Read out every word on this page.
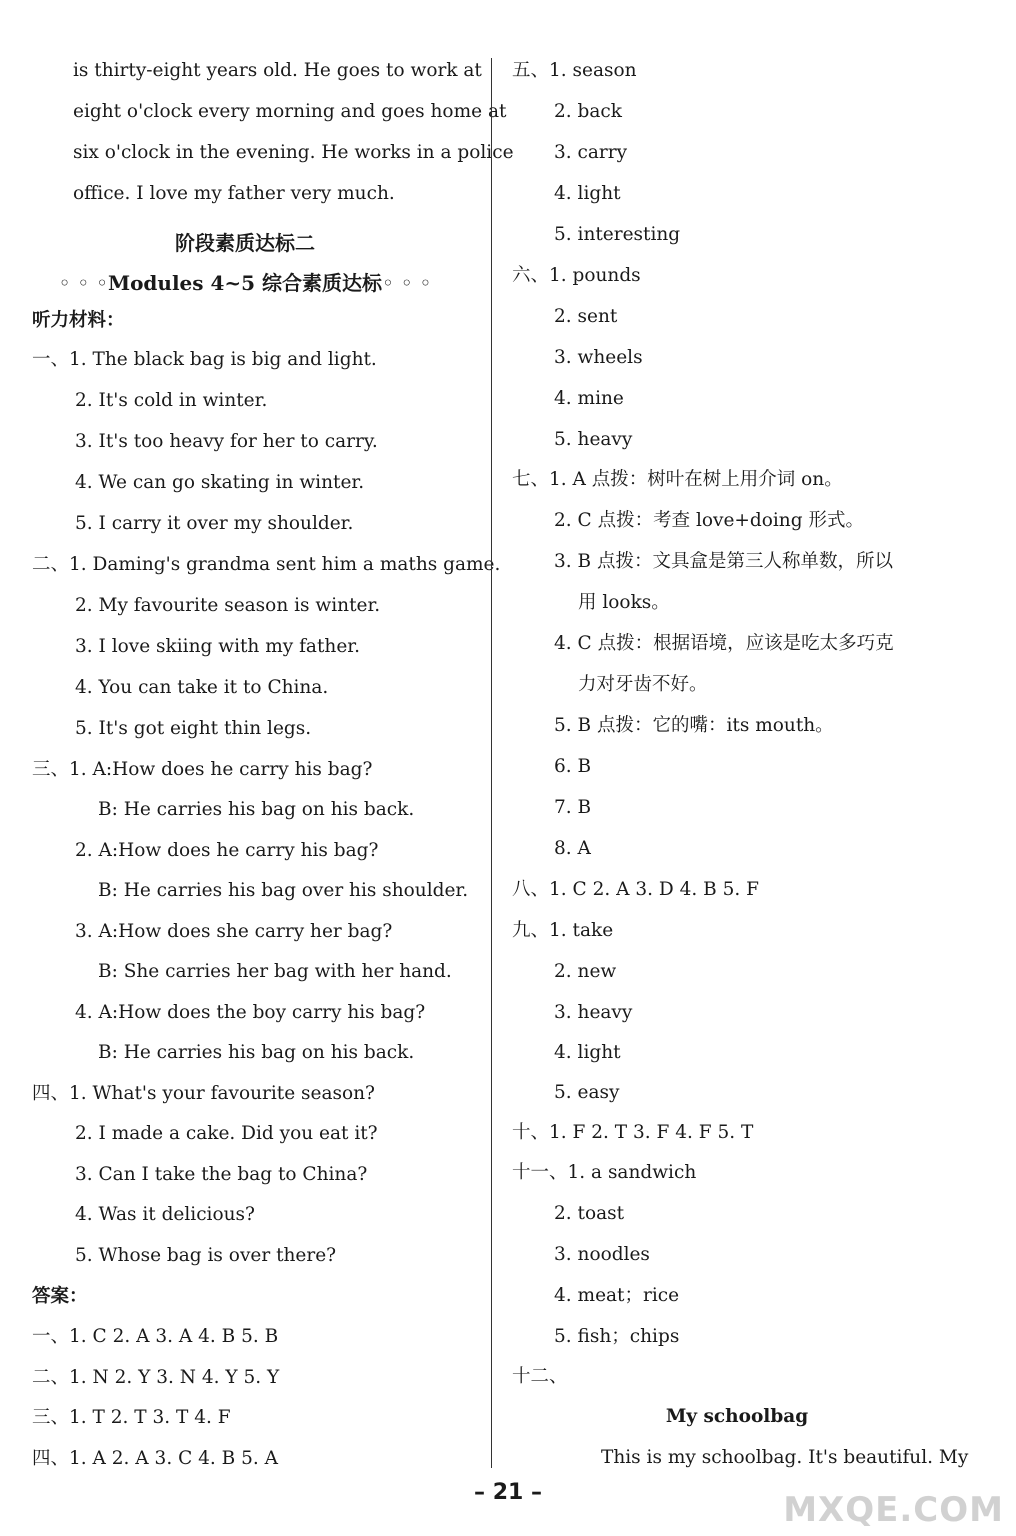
is thirty-eight years old. He goes to work at
eight o'clock every morning and goes home at
six o'clock in the evening. He works in a police
office. I love my father very much.
阶段素质达标二
◦ ◦ ◦Modules 4~5 综合素质达标◦ ◦ ◦
听力材料：
一、1. The black bag is big and light.
2. It's cold in winter.
3. It's too heavy for her to carry.
4. We can go skating in winter.
5. I carry it over my shoulder.
二、1. Daming's grandma sent him a maths game.
2. My favourite season is winter.
3. I love skiing with my father.
4. You can take it to China.
5. It's got eight thin legs.
三、1. A:How does he carry his bag?
B: He carries his bag on his back.
2. A:How does he carry his bag?
B: He carries his bag over his shoulder.
3. A:How does she carry her bag?
B: She carries her bag with her hand.
4. A:How does the boy carry his bag?
B: He carries his bag on his back.
四、1. What's your favourite season?
2. I made a cake. Did you eat it?
3. Can I take the bag to China?
4. Was it delicious?
5. Whose bag is over there?
答案：
一、1. C 2. A 3. A 4. B 5. B
二、1. N 2. Y 3. N 4. Y 5. Y
三、1. T 2. T 3. T 4. F
四、1. A 2. A 3. C 4. B 5. A
五、1. season
2. back
3. carry
4. light
5. interesting
六、1. pounds
2. sent
3. wheels
4. mine
5. heavy
七、1. A 点拨：树叶在树上用介词 on。
2. C 点拨：考查 love+doing 形式。
3. B 点拨：文具盒是第三人称单数，所以
用 looks。
4. C 点拨：根据语境，应该是吃太多巧克
力对牙齿不好。
5. B 点拨：它的嘴：its mouth。
6. B
7. B
8. A
八、1. C 2. A 3. D 4. B 5. F
九、1. take
2. new
3. heavy
4. light
5. easy
十、1. F 2. T 3. F 4. F 5. T
十一、1. a sandwich
2. toast
3. noodles
4. meat；rice
5. fish；chips
十二、
My schoolbag
This is my schoolbag. It's beautiful. My
– 21 –	MXQE.COM
